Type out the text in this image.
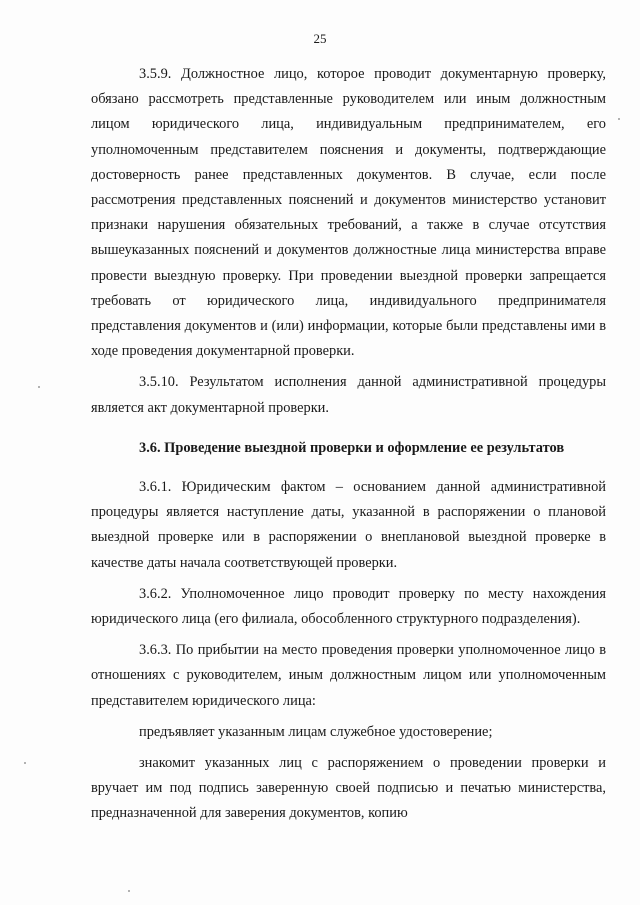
25

3.5.9. Должностное лицо, которое проводит документарную проверку, обязано рассмотреть представленные руководителем или иным должностным лицом юридического лица, индивидуальным предпринимателем, его уполномоченным представителем пояснения и документы, подтверждающие достоверность ранее представленных документов. В случае, если после рассмотрения представленных пояснений и документов министерство установит признаки нарушения обязательных требований, а также в случае отсутствия вышеуказанных пояснений и документов должностные лица министерства вправе провести выездную проверку. При проведении выездной проверки запрещается требовать от юридического лица, индивидуального предпринимателя представления документов и (или) информации, которые были представлены ими в ходе проведения документарной проверки.

3.5.10. Результатом исполнения данной административной процедуры является акт документарной проверки.

3.6. Проведение выездной проверки и оформление ее результатов

3.6.1. Юридическим фактом – основанием данной административной процедуры является наступление даты, указанной в распоряжении о плановой выездной проверке или в распоряжении о внеплановой выездной проверке в качестве даты начала соответствующей проверки.

3.6.2. Уполномоченное лицо проводит проверку по месту нахождения юридического лица (его филиала, обособленного структурного подразделения).

3.6.3. По прибытии на место проведения проверки уполномоченное лицо в отношениях с руководителем, иным должностным лицом или уполномоченным представителем юридического лица:

предъявляет указанным лицам служебное удостоверение;

знакомит указанных лиц с распоряжением о проведении проверки и вручает им под подпись заверенную своей подписью и печатью министерства, предназначенной для заверения документов, копию
